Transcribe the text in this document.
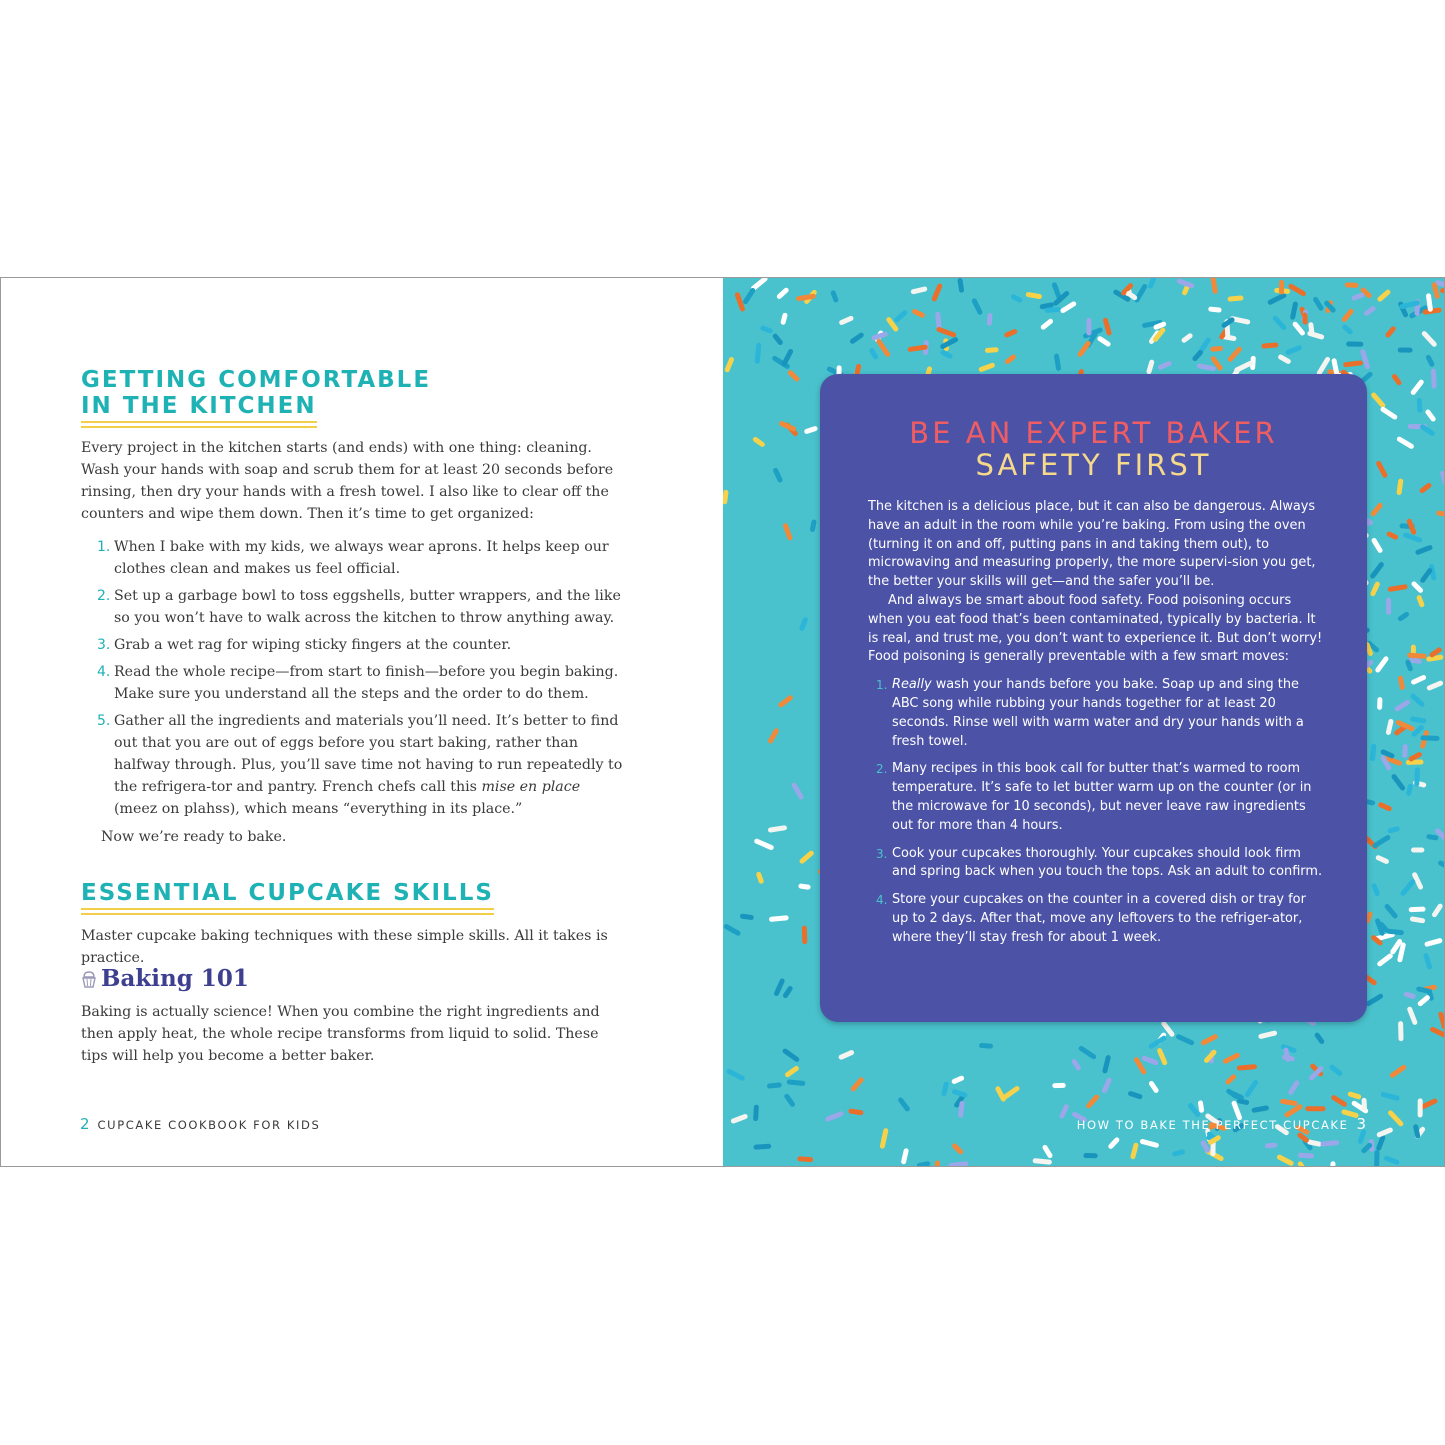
GETTING COMFORTABLE
IN THE KITCHEN

Every project in the kitchen starts (and ends) with one thing: cleaning. Wash your hands with soap and scrub them for at least 20 seconds before rinsing, then dry your hands with a fresh towel. I also like to clear off the counters and wipe them down. Then it’s time to get organized:

1. When I bake with my kids, we always wear aprons. It helps keep our clothes clean and makes us feel official.
2. Set up a garbage bowl to toss eggshells, butter wrappers, and the like so you won’t have to walk across the kitchen to throw anything away.
3. Grab a wet rag for wiping sticky fingers at the counter.
4. Read the whole recipe—from start to finish—before you begin baking. Make sure you understand all the steps and the order to do them.
5. Gather all the ingredients and materials you’ll need. It’s better to find out that you are out of eggs before you start baking, rather than halfway through. Plus, you’ll save time not having to run repeatedly to the refrigera-tor and pantry. French chefs call this mise en place (meez on plahss), which means “everything in its place.”

Now we’re ready to bake.

ESSENTIAL CUPCAKE SKILLS

Master cupcake baking techniques with these simple skills. All it takes is practice.

Baking 101

Baking is actually science! When you combine the right ingredients and then apply heat, the whole recipe transforms from liquid to solid. These tips will help you become a better baker.

2 CUPCAKE COOKBOOK FOR KIDS
BE AN EXPERT BAKER
SAFETY FIRST

The kitchen is a delicious place, but it can also be dangerous. Always have an adult in the room while you’re baking. From using the oven (turning it on and off, putting pans in and taking them out), to microwaving and measuring properly, the more supervi-sion you get, the better your skills will get—and the safer you’ll be.

And always be smart about food safety. Food poisoning occurs when you eat food that’s been contaminated, typically by bacteria. It is real, and trust me, you don’t want to experience it. But don’t worry! Food poisoning is generally preventable with a few smart moves:

1. Really wash your hands before you bake. Soap up and sing the ABC song while rubbing your hands together for at least 20 seconds. Rinse well with warm water and dry your hands with a fresh towel.
2. Many recipes in this book call for butter that’s warmed to room temperature. It’s safe to let butter warm up on the counter (or in the microwave for 10 seconds), but never leave raw ingredients out for more than 4 hours.
3. Cook your cupcakes thoroughly. Your cupcakes should look firm and spring back when you touch the tops. Ask an adult to confirm.
4. Store your cupcakes on the counter in a covered dish or tray for up to 2 days. After that, move any leftovers to the refriger-ator, where they’ll stay fresh for about 1 week.
HOW TO BAKE THE PERFECT CUPCAKE 3
